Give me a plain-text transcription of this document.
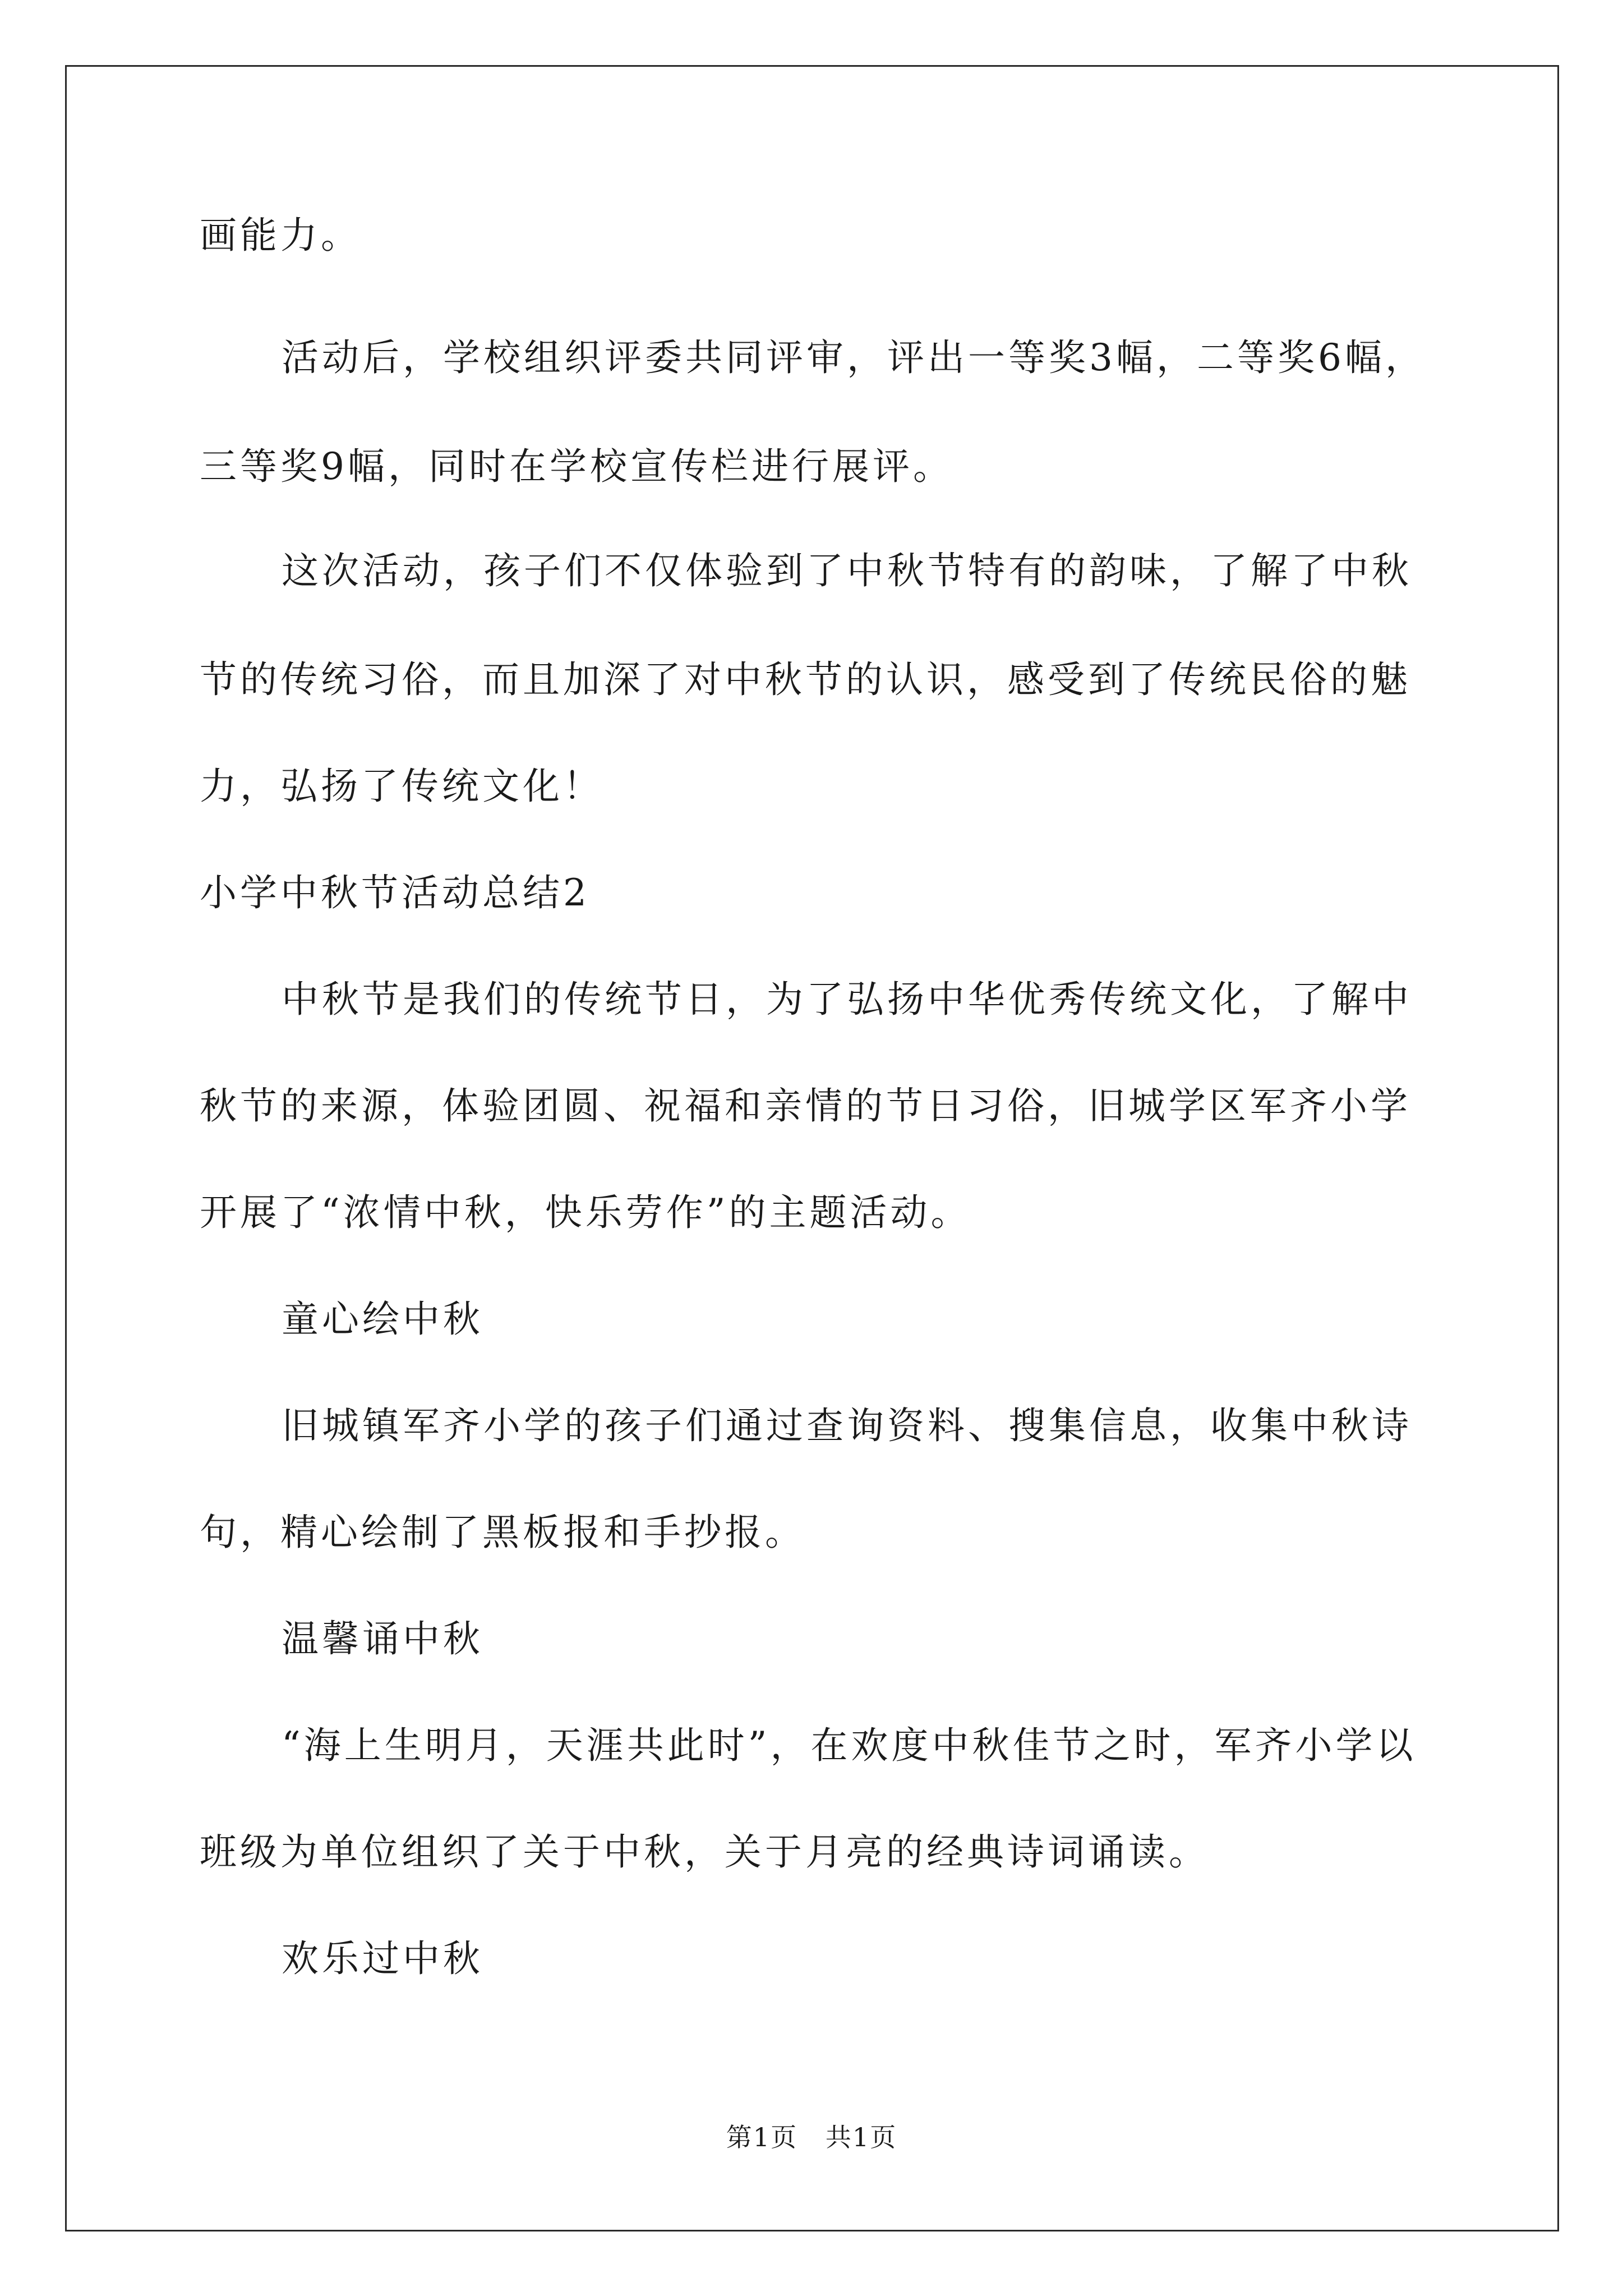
画能力。
活动后，学校组织评委共同评审，评出一等奖3幅，二等奖6幅，
三等奖9幅，同时在学校宣传栏进行展评。
这次活动，孩子们不仅体验到了中秋节特有的韵味，了解了中秋
节的传统习俗，而且加深了对中秋节的认识，感受到了传统民俗的魅
力，弘扬了传统文化！
小学中秋节活动总结2
中秋节是我们的传统节日，为了弘扬中华优秀传统文化，了解中
秋节的来源，体验团圆、祝福和亲情的节日习俗，旧城学区军齐小学
开展了“浓情中秋，快乐劳作”的主题活动。
童心绘中秋
旧城镇军齐小学的孩子们通过查询资料、搜集信息，收集中秋诗
句，精心绘制了黑板报和手抄报。
温馨诵中秋
“海上生明月，天涯共此时”，在欢度中秋佳节之时，军齐小学以
班级为单位组织了关于中秋，关于月亮的经典诗词诵读。
欢乐过中秋
第1页   共1页
